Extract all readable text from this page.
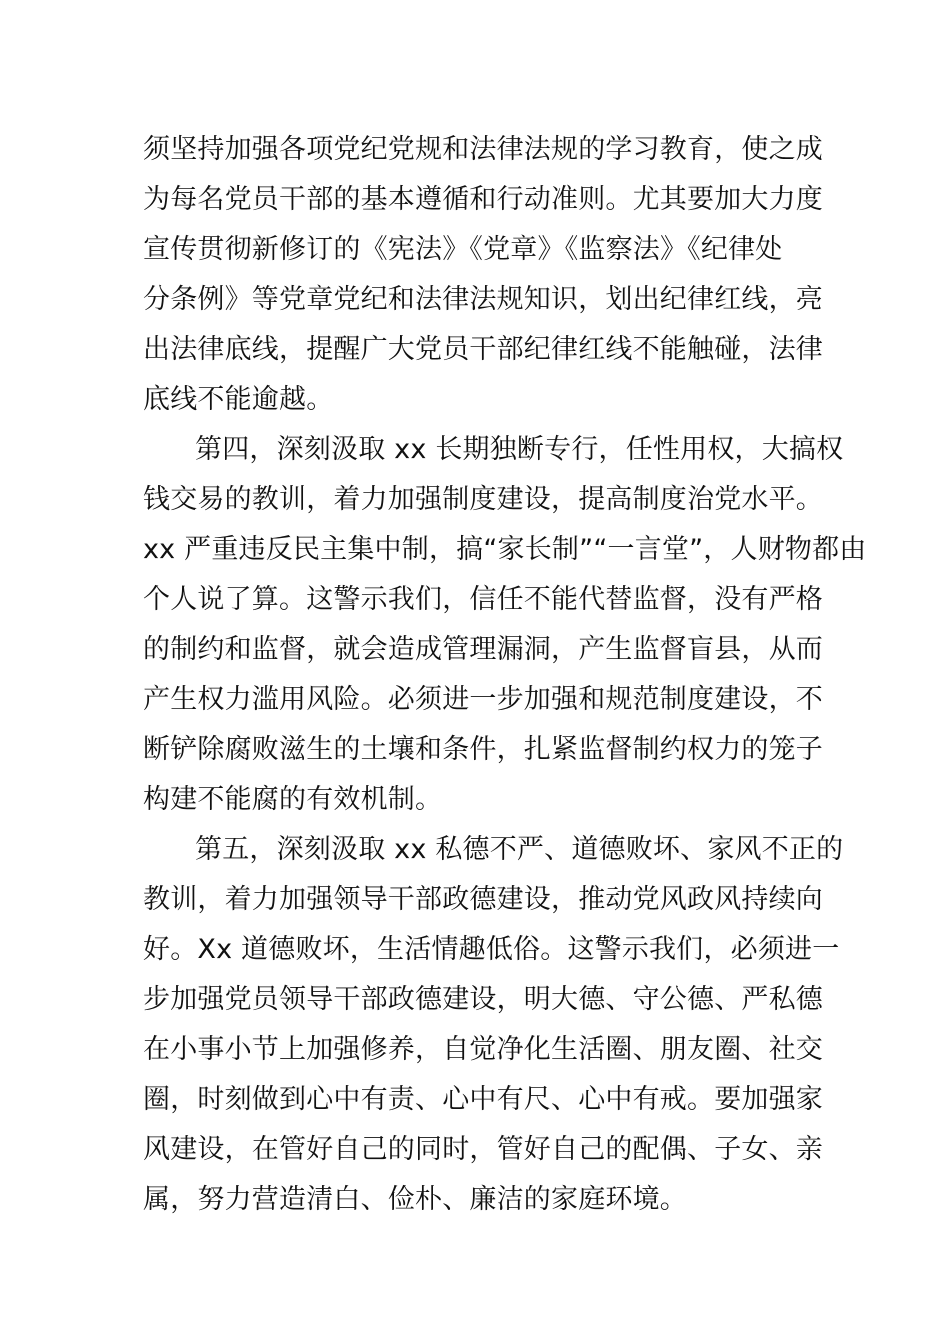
须坚持加强各项党纪党规和法律法规的学习教育，使之成
为每名党员干部的基本遵循和行动准则。尤其要加大力度
宣传贯彻新修订的《宪法》《党章》《监察法》《纪律处
分条例》等党章党纪和法律法规知识，划出纪律红线，亮
出法律底线，提醒广大党员干部纪律红线不能触碰，法律
底线不能逾越。
第四，深刻汲取 xx 长期独断专行，任性用权，大搞权
钱交易的教训，着力加强制度建设，提高制度治党水平。
xx 严重违反民主集中制，搞“家长制”“一言堂”，人财物都由
个人说了算。这警示我们，信任不能代替监督，没有严格
的制约和监督，就会造成管理漏洞，产生监督盲县，从而
产生权力滥用风险。必须进一步加强和规范制度建设，不
断铲除腐败滋生的土壤和条件，扎紧监督制约权力的笼子
构建不能腐的有效机制。
第五，深刻汲取 xx 私德不严、道德败坏、家风不正的
教训，着力加强领导干部政德建设，推动党风政风持续向
好。Xx 道德败坏，生活情趣低俗。这警示我们，必须进一
步加强党员领导干部政德建设，明大德、守公德、严私德
在小事小节上加强修养，自觉净化生活圈、朋友圈、社交
圈，时刻做到心中有责、心中有尺、心中有戒。要加强家
风建设，在管好自己的同时，管好自己的配偶、子女、亲
属，努力营造清白、俭朴、廉洁的家庭环境。
